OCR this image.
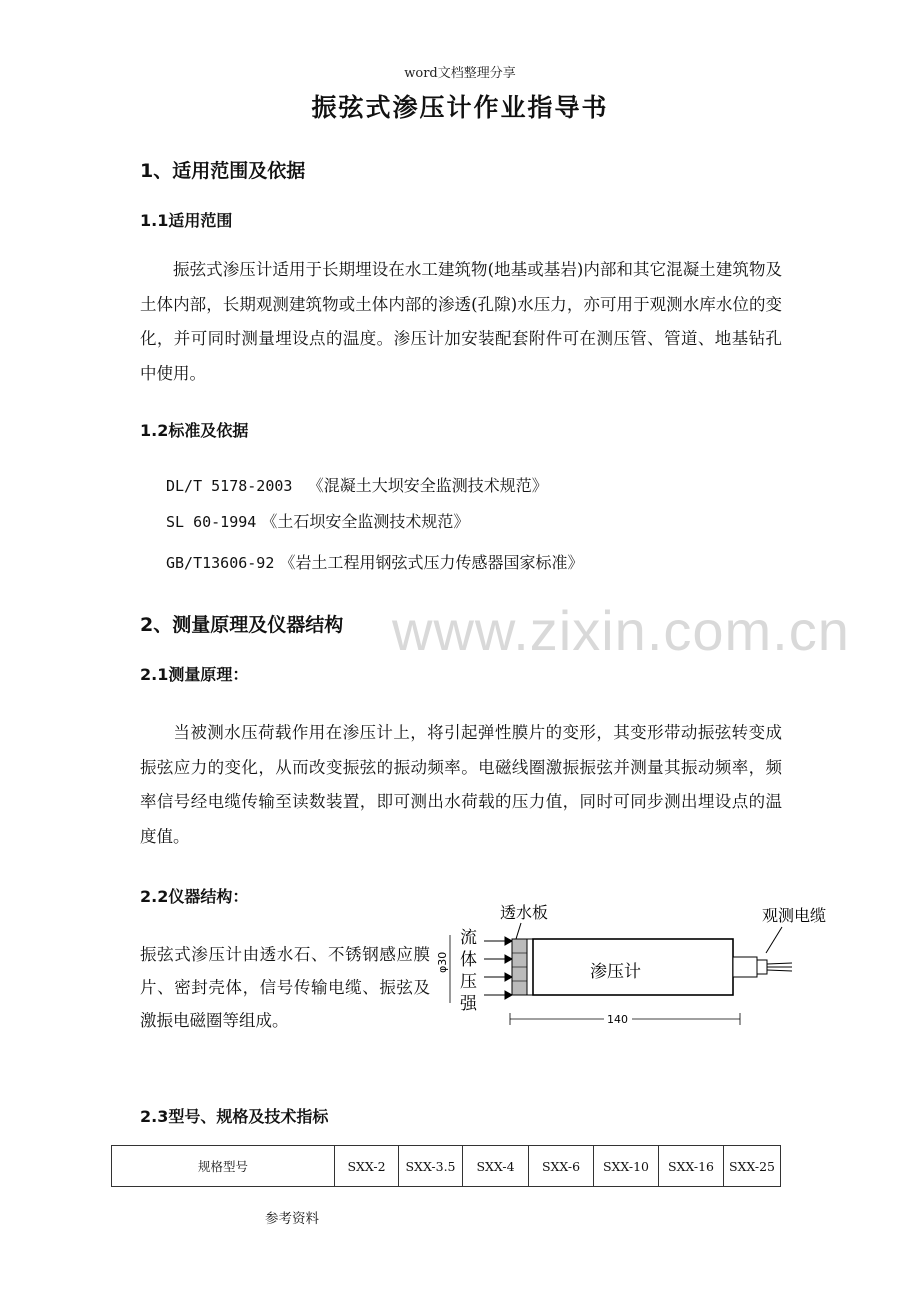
word文档整理分享
振弦式渗压计作业指导书
1、适用范围及依据
1.1适用范围
振弦式渗压计适用于长期埋设在水工建筑物(地基或基岩)内部和其它混凝土建筑物及土体内部，长期观测建筑物或土体内部的渗透(孔隙)水压力，亦可用于观测水库水位的变化，并可同时测量埋设点的温度。渗压计加安装配套附件可在测压管、管道、地基钻孔中使用。
1.2标准及依据
DL/T 5178-2003 《混凝土大坝安全监测技术规范》
SL 60-1994 《土石坝安全监测技术规范》
GB/T13606-92 《岩土工程用钢弦式压力传感器国家标准》
www.zixin.com.cn
2、测量原理及仪器结构
2.1测量原理：
当被测水压荷载作用在渗压计上，将引起弹性膜片的变形，其变形带动振弦转变成振弦应力的变化，从而改变振弦的振动频率。电磁线圈激振振弦并测量其振动频率，频率信号经电缆传输至读数装置，即可测出水荷载的压力值，同时可同步测出埋设点的温度值。
2.2仪器结构：
振弦式渗压计由透水石、不锈钢感应膜片、密封壳体，信号传输电缆、振弦及激振电磁圈等组成。
透水板	观测电缆
流
体
压
强
φ30	渗压计
140
2.3型号、规格及技术指标
规格型号	SXX-2	SXX-3.5	SXX-4	SXX-6	SXX-10	SXX-16	SXX-25
参考资料
